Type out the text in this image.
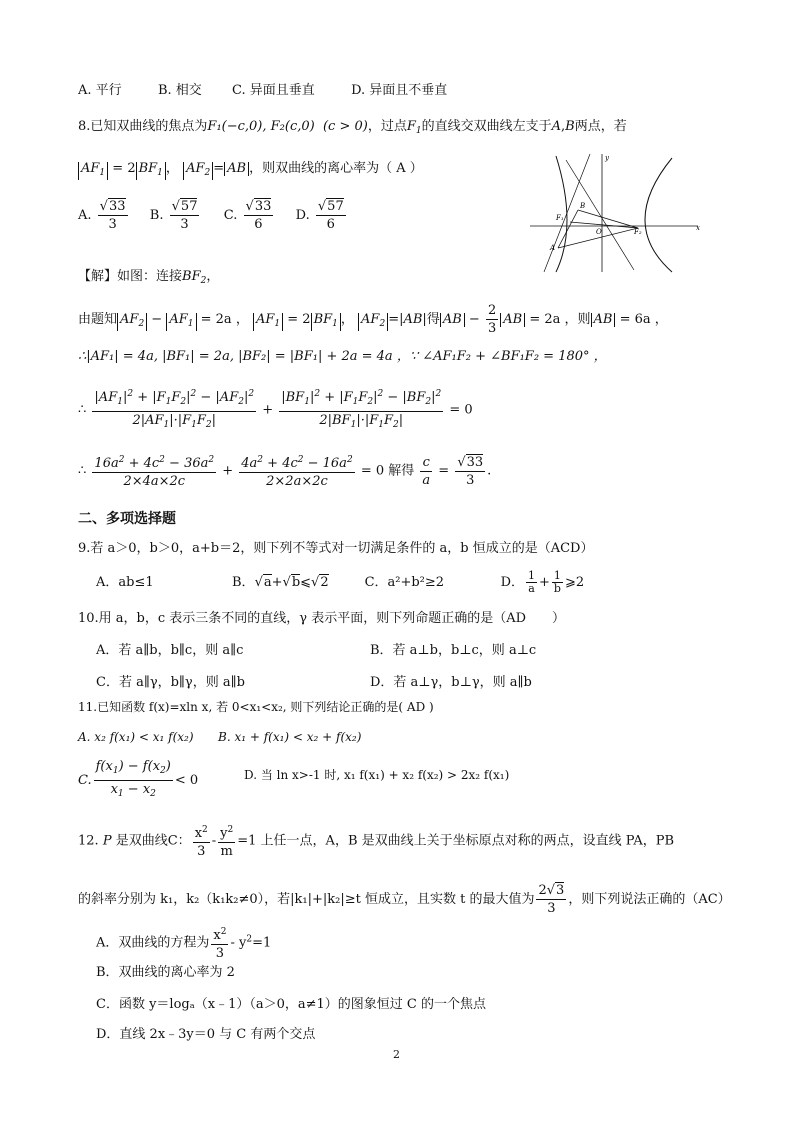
A. 平行	B. 相交 C. 异面且垂直	D. 异面且不垂直
8.已知双曲线的焦点为F₁(−c,0), F₂(c,0) (c > 0)，过点$F_1$的直线交双曲线左支于A,B两点，若
$AF_1 = 2$ $BF_1$ ， $AF_2$ = AB ，则双曲线的离心率为（ A ）
A. $\frac{√33}{3} B$. $\frac{√57}{3} C$. $\frac{√33}{6} D$. $\frac{√57}{6}$
y
x
B
F₁
O	F₂
A
【解】如图：连接$BF_2$，
由题知 $AF_2 - AF_1 = 2a$ ， $AF_1 = 2$ $BF_1$ ， $AF_2 =|AB|$得 AB − $\frac{2}{3}$ AB = 2a ，则 AB = 6a ，
∴|AF₁| = 4a, |BF₁| = 2a, |BF₂| = |BF₁| + 2a = 4a ，∵ ∠AF₁F₂ + ∠BF₁F₂ = 180° ，
∴ $\frac{|AF_1|^2 + |F_1F_2|^2 - |AF_2|^2}{2|AF_1|\cdot|F_1F_2|} + \frac{|BF_1|^2 + |F_1F_2|^2 - |BF_2|^2}{2|BF_1|\cdot|F_1F_2|} = 0$
∴ $\frac{16a^2 + 4c^2 - 36a^2}{2\times 4a\times 2c} + \frac{4a^2 + 4c^2 - 16a^2}{2\times 2a\times 2c} = 0$ 解得 $\frac{c}{a} = \frac{√33}{3}$ .
二、多项选择题
9.若 a＞0，b＞0，a+b＝2，则下列不等式对一切满足条件的 a，b 恒成立的是（ACD）
A．ab≤1	B．√a+√b⩽√2	C．a²+b²≥2	D． $\frac{1}{a} + \frac{1}{b}$ ⩾2
10.用 a，b，c 表示三条不同的直线，γ 表示平面，则下列命题正确的是（AD　　）
A．若 a∥b，b∥c，则 a∥c	B．若 a⊥b，b⊥c，则 a⊥c
C．若 a∥γ，b∥γ，则 a∥b	D．若 a⊥γ，b⊥γ，则 a∥b
11.已知函数 f(x)=xln x, 若 0<x₁<x₂, 则下列结论正确的是( AD )
A. x₂ f(x₁) < x₁ f(x₂) B. x₁ + f(x₁) < x₂ + f(x₂)
C. $\frac{f(x_1) - f(x_2)}{x_1 - x_2} < 0$	D. 当 ln x>-1 时, x₁ f(x₁) + x₂ f(x₂) > 2x₂ f(x₁)
12. P 是双曲线C： $\frac{x^2}{3} - \frac{y^2}{m} =1$ 上任一点，A，B 是双曲线上关于坐标原点对称的两点，设直线 PA，PB
的斜率分别为 k₁，k₂（k₁k₂≠0），若|k₁|+|k₂|≥t 恒成立，且实数 t 的最大值为 $\frac{2√3}{3}$ ，则下列说法正确的（AC）
A．双曲线的方程为 $\frac{x^2}{3} - y^2=1$
B．双曲线的离心率为 2
C．函数 y＝logₐ（x﹣1）（a＞0，a≠1）的图象恒过 C 的一个焦点
D．直线 2x﹣3y＝0 与 C 有两个交点
2
